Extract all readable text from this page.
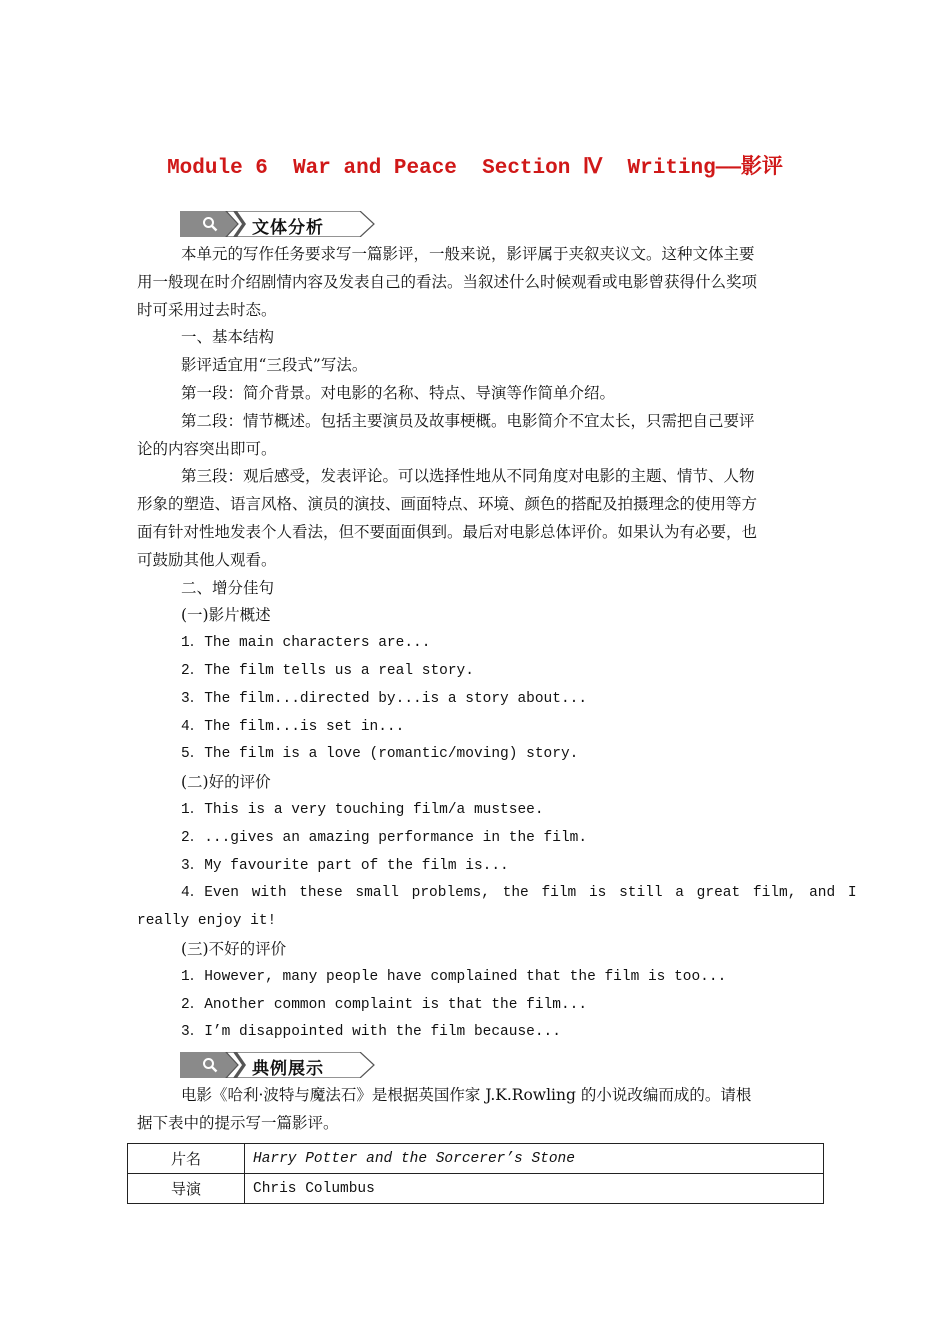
Module 6  War and Peace  Section Ⅳ  Writing——影评
文体分析
本单元的写作任务要求写一篇影评，一般来说，影评属于夹叙夹议文。这种文体主要
用一般现在时介绍剧情内容及发表自己的看法。当叙述什么时候观看或电影曾获得什么奖项
时可采用过去时态。
一、基本结构
影评适宜用“三段式”写法。
第一段：简介背景。对电影的名称、特点、导演等作简单介绍。
第二段：情节概述。包括主要演员及故事梗概。电影简介不宜太长，只需把自己要评
论的内容突出即可。
第三段：观后感受，发表评论。可以选择性地从不同角度对电影的主题、情节、人物
形象的塑造、语言风格、演员的演技、画面特点、环境、颜色的搭配及拍摄理念的使用等方
面有针对性地发表个人看法，但不要面面俱到。最后对电影总体评价。如果认为有必要，也
可鼓励其他人观看。
二、增分佳句
(一)影片概述
1．The main characters are...
2．The film tells us a real story.
3．The film...directed by...is a story about...
4．The film...is set in...
5．The film is a love (romantic/moving) story.
(二)好的评价
1．This is a very touching film/a mustsee.
2．...gives an amazing performance in the film.
3．My favourite part of the film is...
4．Even with these small problems, the film is still a great film, and I
really enjoy it!
(三)不好的评价
1．However, many people have complained that the film is too...
2．Another common complaint is that the film...
3．I’m disappointed with the film because...
典例展示
电影《哈利·波特与魔法石》是根据英国作家 J.K.Rowling 的小说改编而成的。请根
据下表中的提示写一篇影评。
片名	Harry Potter and the Sorcerer’s Stone
导演	Chris Columbus
